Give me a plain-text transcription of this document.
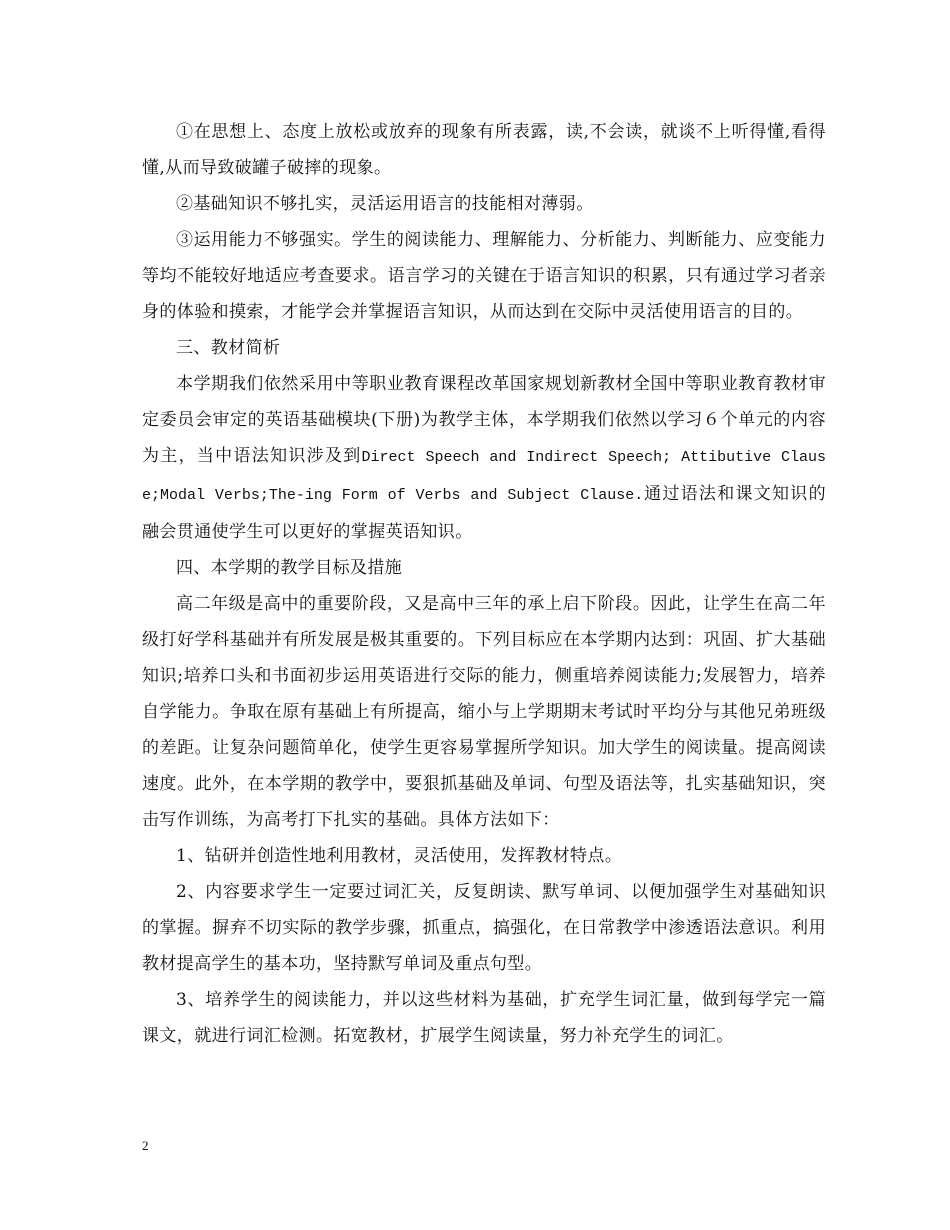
①在思想上、态度上放松或放弃的现象有所表露，读,不会读，就谈不上听得懂,看得懂,从而导致破罐子破摔的现象。

②基础知识不够扎实，灵活运用语言的技能相对薄弱。

③运用能力不够强实。学生的阅读能力、理解能力、分析能力、判断能力、应变能力等均不能较好地适应考查要求。语言学习的关键在于语言知识的积累，只有通过学习者亲身的体验和摸索，才能学会并掌握语言知识，从而达到在交际中灵活使用语言的目的。

三、教材简析

本学期我们依然采用中等职业教育课程改革国家规划新教材全国中等职业教育教材审定委员会审定的英语基础模块(下册)为教学主体，本学期我们依然以学习６个单元的内容为主，当中语法知识涉及到Direct Speech and Indirect Speech; Attibutive Clause;Modal Verbs;The-ing Form of Verbs and Subject Clause.通过语法和课文知识的融会贯通使学生可以更好的掌握英语知识。

四、本学期的教学目标及措施

高二年级是高中的重要阶段，又是高中三年的承上启下阶段。因此，让学生在高二年级打好学科基础并有所发展是极其重要的。下列目标应在本学期内达到：巩固、扩大基础知识;培养口头和书面初步运用英语进行交际的能力，侧重培养阅读能力;发展智力，培养自学能力。争取在原有基础上有所提高，缩小与上学期期末考试时平均分与其他兄弟班级的差距。让复杂问题简单化，使学生更容易掌握所学知识。加大学生的阅读量。提高阅读速度。此外，在本学期的教学中，要狠抓基础及单词、句型及语法等，扎实基础知识，突击写作训练，为高考打下扎实的基础。具体方法如下：

1、钻研并创造性地利用教材，灵活使用，发挥教材特点。

2、内容要求学生一定要过词汇关，反复朗读、默写单词、以便加强学生对基础知识的掌握。摒弃不切实际的教学步骤，抓重点，搞强化，在日常教学中渗透语法意识。利用教材提高学生的基本功，坚持默写单词及重点句型。

3、培养学生的阅读能力，并以这些材料为基础，扩充学生词汇量，做到每学完一篇课文，就进行词汇检测。拓宽教材，扩展学生阅读量，努力补充学生的词汇。

2
